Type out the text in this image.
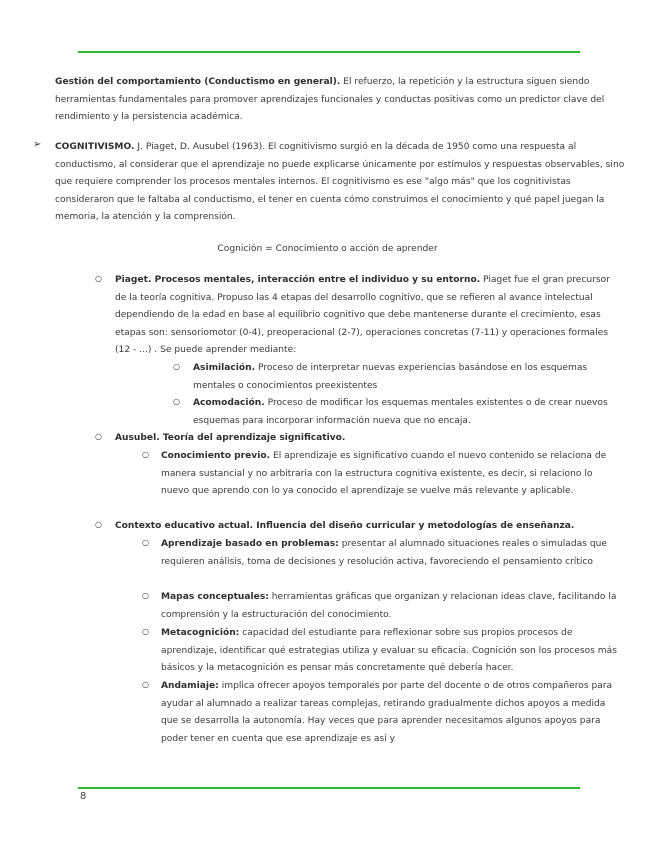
Gestión del comportamiento (Conductismo en general). El refuerzo, la repetición y la estructura siguen siendo herramientas fundamentales para promover aprendizajes funcionales y conductas positivas como un predictor clave del rendimiento y la persistencia académica.

➢ COGNITIVISMO. J. Piaget, D. Ausubel (1963). El cognitivismo surgió en la década de 1950 como una respuesta al conductismo, al considerar que el aprendizaje no puede explicarse únicamente por estímulos y respuestas observables, sino que requiere comprender los procesos mentales internos. El cognitivismo es ese "algo más" que los cognitivistas consideraron que le faltaba al conductismo, el tener en cuenta cómo construimos el conocimiento y qué papel juegan la memoria, la atención y la comprensión.

Cognición = Conocimiento o acción de aprender

○ Piaget. Procesos mentales, interacción entre el individuo y su entorno. Piaget fue el gran precursor de la teoría cognitiva. Propuso las 4 etapas del desarrollo cognitivo, que se refieren al avance intelectual dependiendo de la edad en base al equilibrio cognitivo que debe mantenerse durante el crecimiento, esas etapas son: sensoriomotor (0-4), preoperacional (2-7), operaciones concretas (7-11) y operaciones formales (12 - ...) . Se puede aprender mediante:

○ Asimilación. Proceso de interpretar nuevas experiencias basándose en los esquemas mentales o conocimientos preexistentes

○ Acomodación. Proceso de modificar los esquemas mentales existentes o de crear nuevos esquemas para incorporar información nueva que no encaja.

○ Ausubel. Teoría del aprendizaje significativo.

○ Conocimiento previo. El aprendizaje es significativo cuando el nuevo contenido se relaciona de manera sustancial y no arbitraria con la estructura cognitiva existente, es decir, si relaciono lo nuevo que aprendo con lo ya conocido el aprendizaje se vuelve más relevante y aplicable.

○ Contexto educativo actual. Influencia del diseño curricular y metodologías de enseñanza.

○ Aprendizaje basado en problemas: presentar al alumnado situaciones reales o simuladas que requieren análisis, toma de decisiones y resolución activa, favoreciendo el pensamiento crítico

○ Mapas conceptuales: herramientas gráficas que organizan y relacionan ideas clave, facilitando la comprensión y la estructuración del conocimiento.

○ Metacognición: capacidad del estudiante para reflexionar sobre sus propios procesos de aprendizaje, identificar qué estrategias utiliza y evaluar su eficacia. Cognición son los procesos más básicos y la metacognición es pensar más concretamente qué debería hacer.

○ Andamiaje: implica ofrecer apoyos temporales por parte del docente o de otros compañeros para ayudar al alumnado a realizar tareas complejas, retirando gradualmente dichos apoyos a medida que se desarrolla la autonomía. Hay veces que para aprender necesitamos algunos apoyos para poder tener en cuenta que ese aprendizaje es así y

8
